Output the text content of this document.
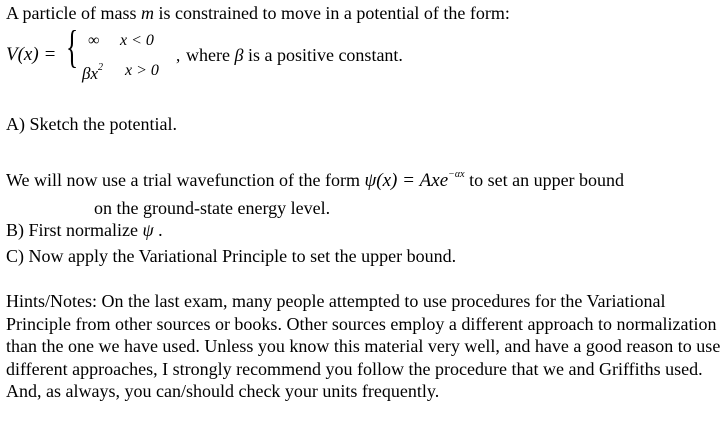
A particle of mass m is constrained to move in a potential of the form:
V(x) = { ∞ x < 0
$\beta x^2$ x > 0
, where β is a positive constant.
A) Sketch the potential.
We will now use a trial wavefunction of the form ψ(x) = Axe$^{-\alpha x}$ to set an upper bound
on the ground-state energy level.
B) First normalize ψ .
C) Now apply the Variational Principle to set the upper bound.
Hints/Notes: On the last exam, many people attempted to use procedures for the Variational Principle from other sources or books. Other sources employ a different approach to normalization than the one we have used. Unless you know this material very well, and have a good reason to use different approaches, I strongly recommend you follow the procedure that we and Griffiths used. And, as always, you can/should check your units frequently.
